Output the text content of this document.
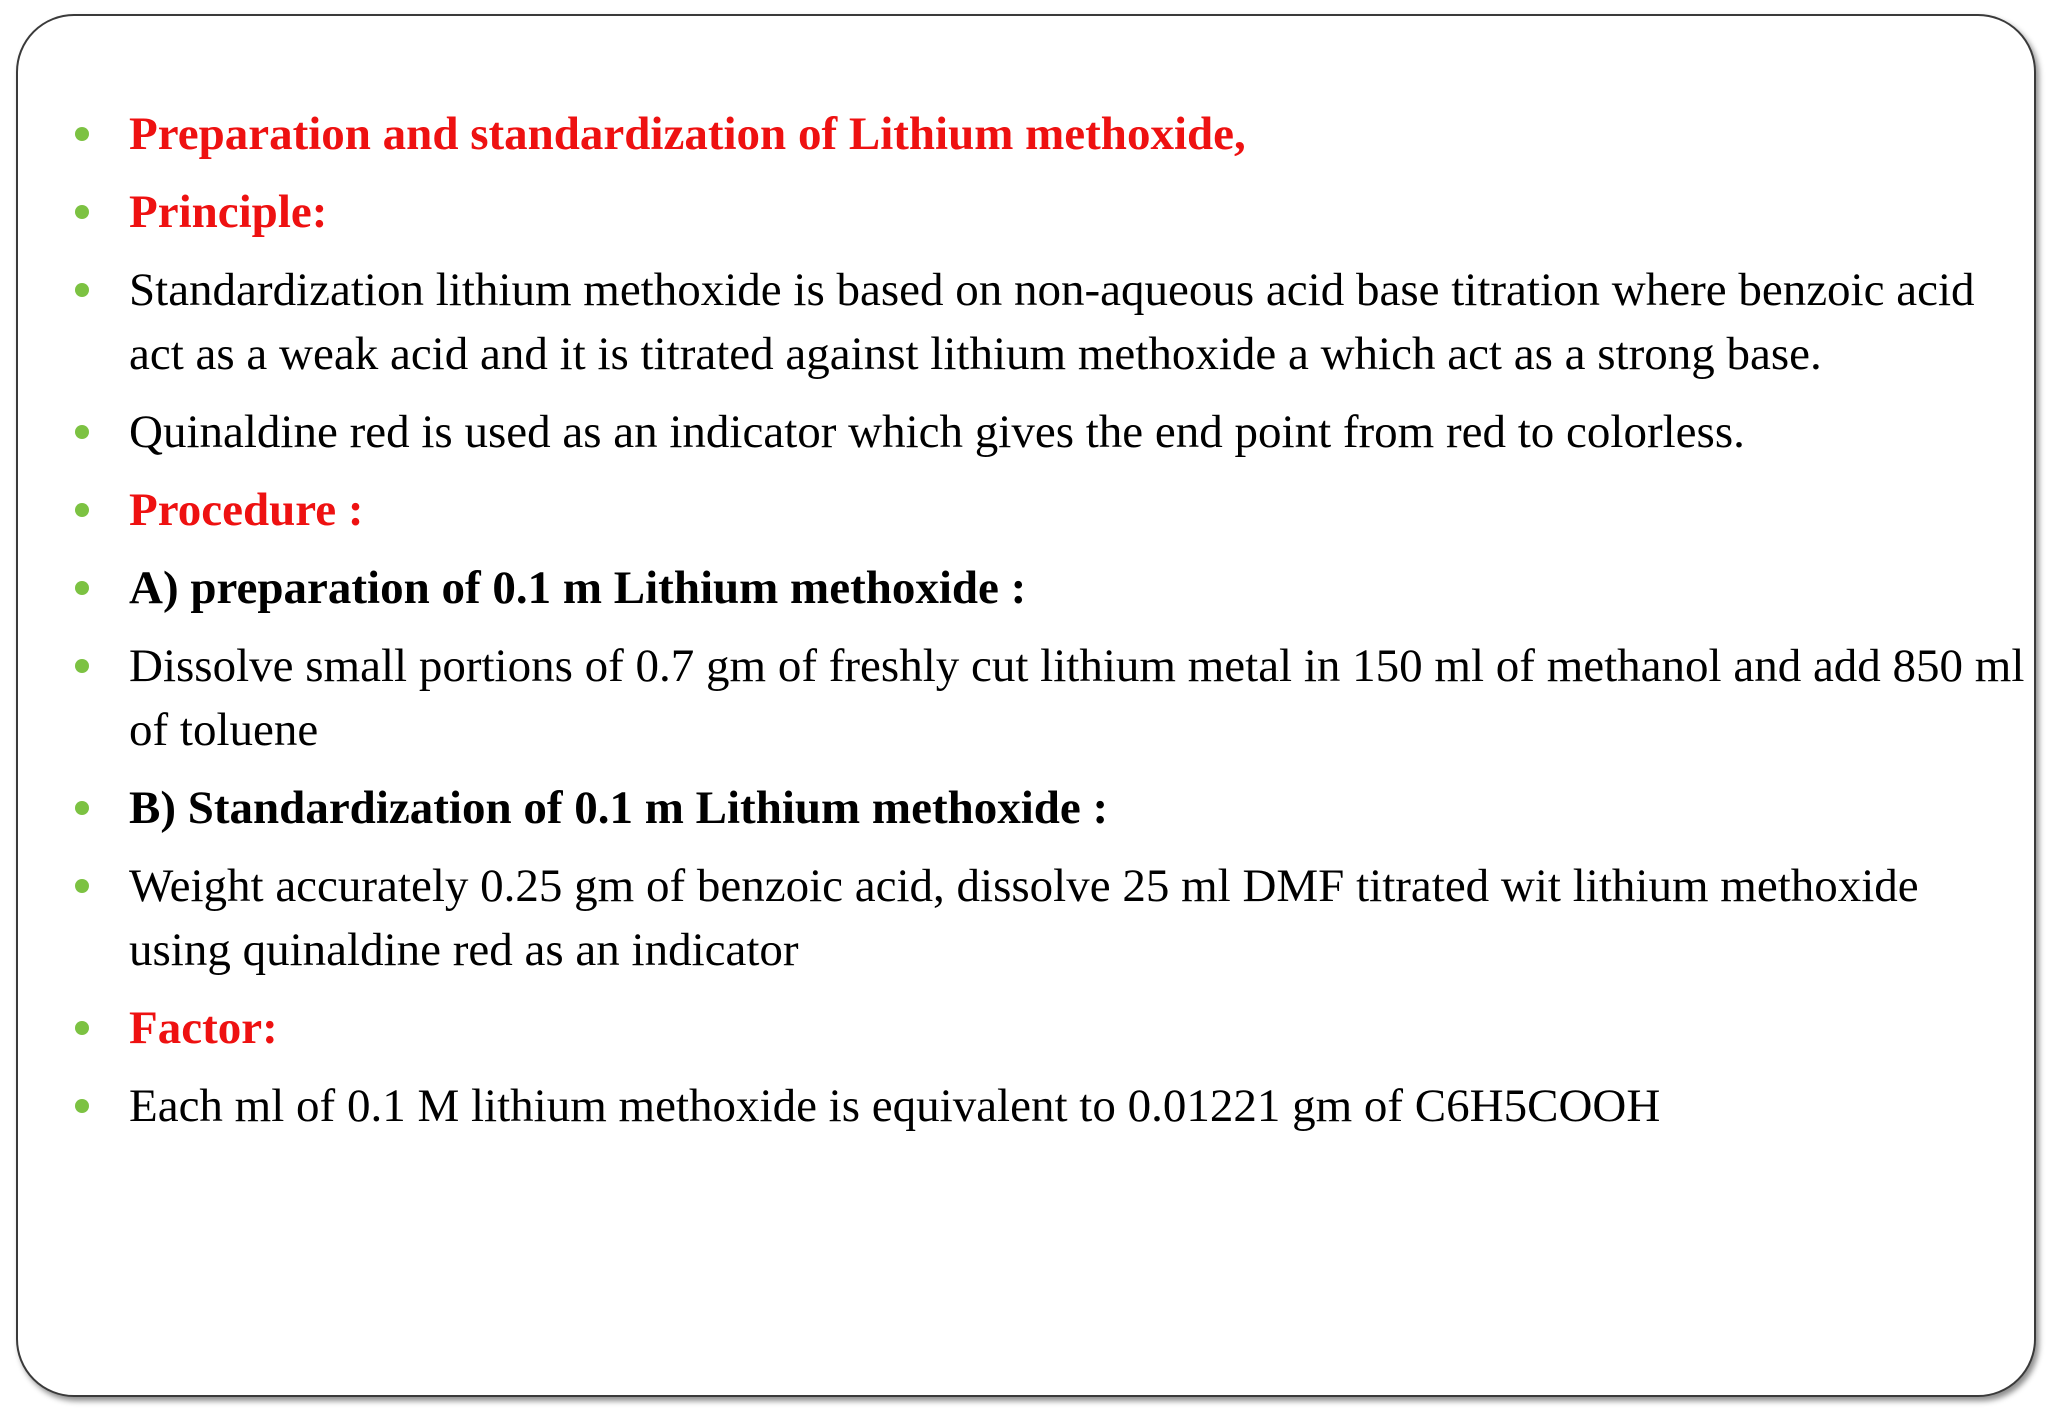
Preparation and standardization of Lithium methoxide,
Principle:
Standardization lithium methoxide is based on non-aqueous acid base titration where benzoic acid act as a weak acid and it is titrated against lithium methoxide a which act as a strong base.
Quinaldine red is used as an indicator which gives the end point from red to colorless.
Procedure :
A) preparation of 0.1 m Lithium methoxide :
Dissolve small portions of 0.7 gm of freshly cut lithium metal in 150 ml of methanol and add 850 ml of toluene
B) Standardization of 0.1 m Lithium methoxide :
Weight accurately 0.25 gm of benzoic acid, dissolve 25 ml DMF titrated wit lithium methoxide using quinaldine red as an indicator
Factor:
Each ml of 0.1 M lithium methoxide is equivalent to 0.01221 gm of C6H5COOH
